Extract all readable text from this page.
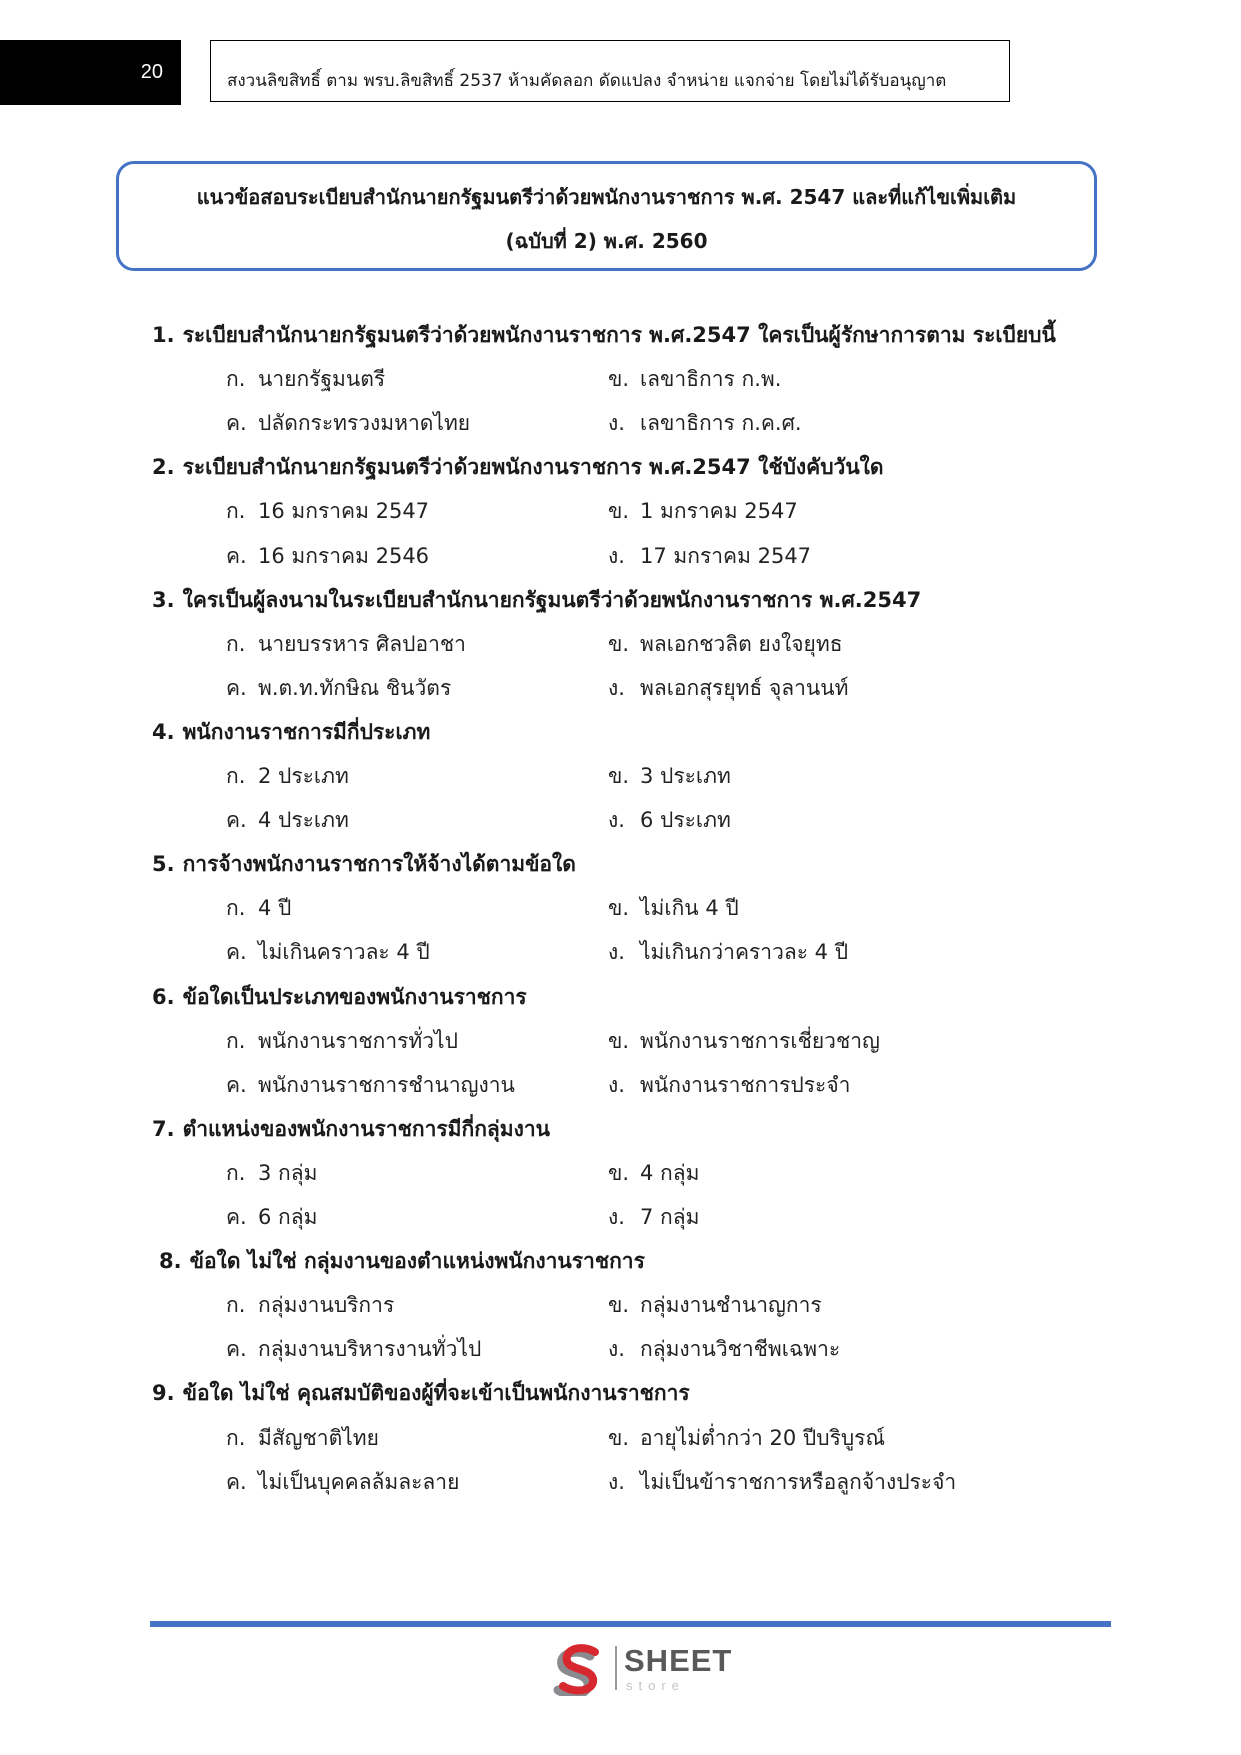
20	สงวนลิขสิทธิ์ ตาม พรบ.ลิขสิทธิ์ 2537 ห้ามคัดลอก ดัดแปลง จำหน่าย แจกจ่าย โดยไม่ได้รับอนุญาต
แนวข้อสอบระเบียบสำนักนายกรัฐมนตรีว่าด้วยพนักงานราชการ พ.ศ. 2547 และที่แก้ไขเพิ่มเติม
(ฉบับที่ 2) พ.ศ. 2560
1. ระเบียบสำนักนายกรัฐมนตรีว่าด้วยพนักงานราชการ พ.ศ.2547 ใครเป็นผู้รักษาการตาม ระเบียบนี้
ก. นายกรัฐมนตรี	ข. เลขาธิการ ก.พ.
ค. ปลัดกระทรวงมหาดไทย	ง. เลขาธิการ ก.ค.ศ.
2. ระเบียบสำนักนายกรัฐมนตรีว่าด้วยพนักงานราชการ พ.ศ.2547 ใช้บังคับวันใด
ก. 16 มกราคม 2547	ข. 1 มกราคม 2547
ค. 16 มกราคม 2546	ง. 17 มกราคม 2547
3. ใครเป็นผู้ลงนามในระเบียบสำนักนายกรัฐมนตรีว่าด้วยพนักงานราชการ พ.ศ.2547
ก. นายบรรหาร ศิลปอาชา	ข. พลเอกชวลิต ยงใจยุทธ
ค. พ.ต.ท.ทักษิณ ชินวัตร	ง. พลเอกสุรยุทธ์ จุลานนท์
4. พนักงานราชการมีกี่ประเภท
ก. 2 ประเภท	ข. 3 ประเภท
ค. 4 ประเภท	ง. 6 ประเภท
5. การจ้างพนักงานราชการให้จ้างได้ตามข้อใด
ก. 4 ปี	ข. ไม่เกิน 4 ปี
ค. ไม่เกินคราวละ 4 ปี	ง. ไม่เกินกว่าคราวละ 4 ปี
6. ข้อใดเป็นประเภทของพนักงานราชการ
ก. พนักงานราชการทั่วไป	ข. พนักงานราชการเชี่ยวชาญ
ค. พนักงานราชการชำนาญงาน	ง. พนักงานราชการประจำ
7. ตำแหน่งของพนักงานราชการมีกี่กลุ่มงาน
ก. 3 กลุ่ม	ข. 4 กลุ่ม
ค. 6 กลุ่ม	ง. 7 กลุ่ม
8. ข้อใด ไม่ใช่ กลุ่มงานของตำแหน่งพนักงานราชการ
ก. กลุ่มงานบริการ	ข. กลุ่มงานชำนาญการ
ค. กลุ่มงานบริหารงานทั่วไป	ง. กลุ่มงานวิชาชีพเฉพาะ
9. ข้อใด ไม่ใช่ คุณสมบัติของผู้ที่จะเข้าเป็นพนักงานราชการ
ก. มีสัญชาติไทย	ข. อายุไม่ต่ำกว่า 20 ปีบริบูรณ์
ค. ไม่เป็นบุคคลล้มละลาย	ง. ไม่เป็นข้าราชการหรือลูกจ้างประจำ
SHEET
store
